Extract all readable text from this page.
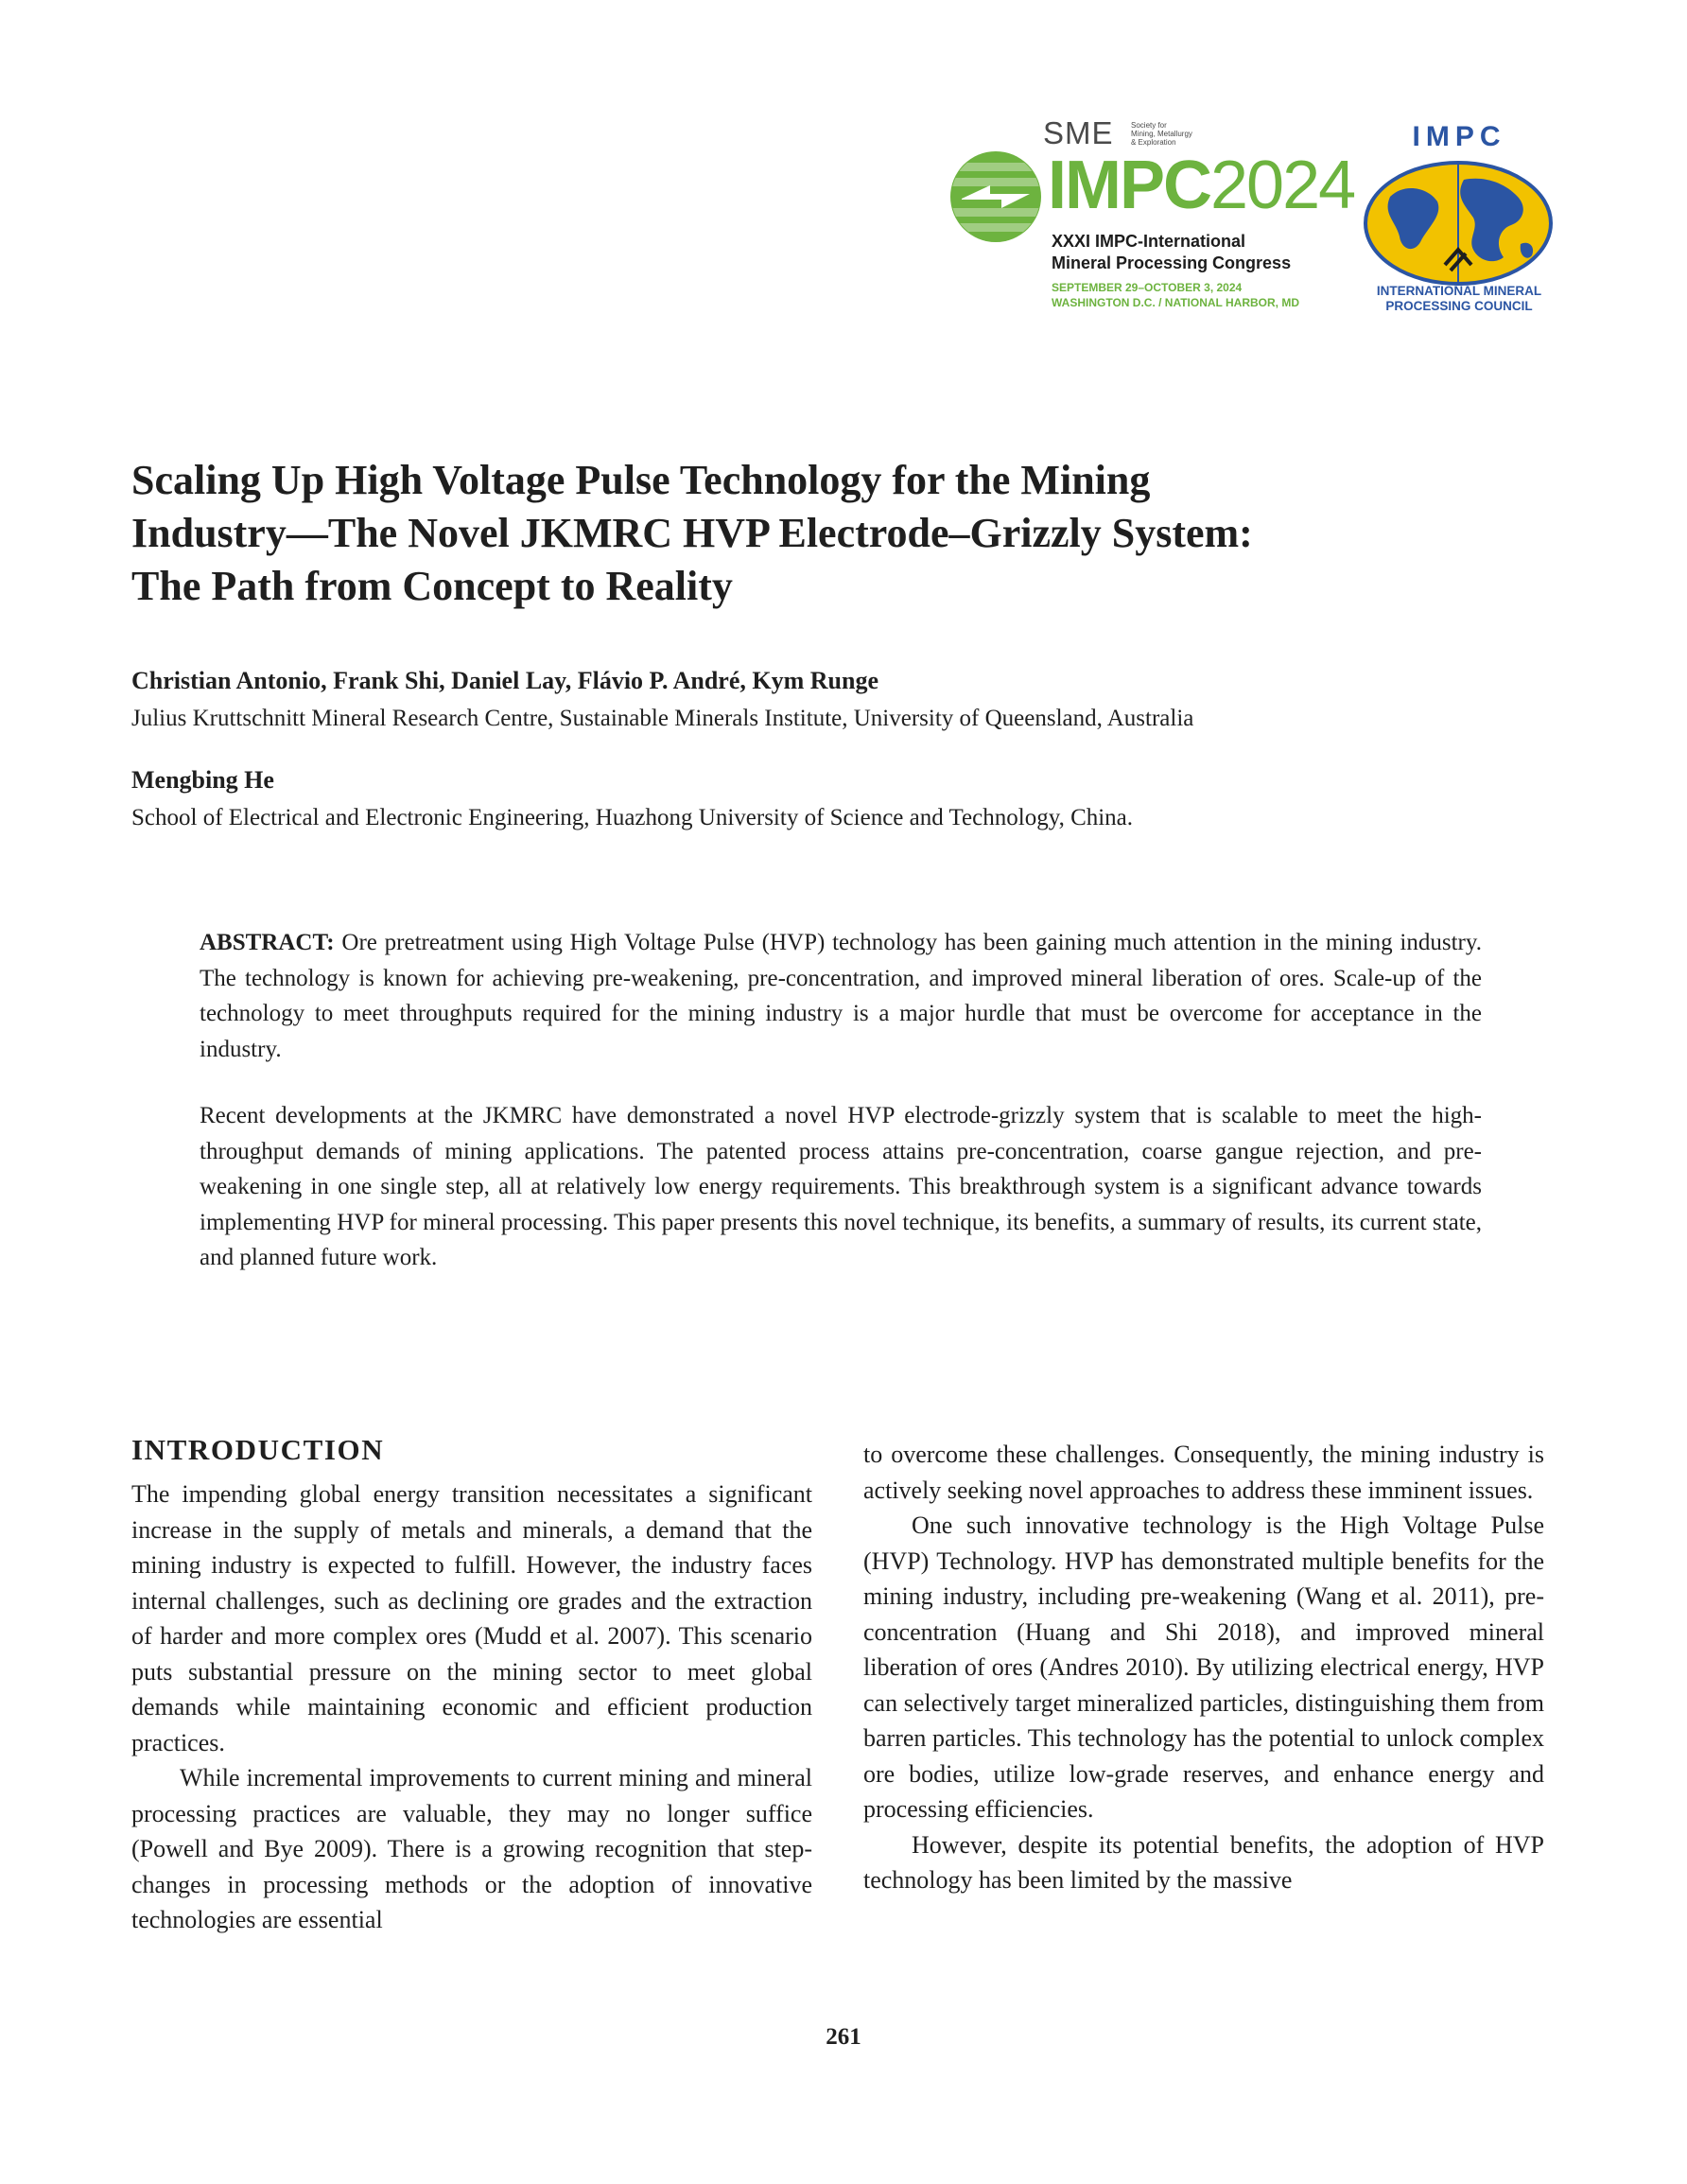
SME Society for
Mining, Metallurgy
& Exploration
IMPC2024
XXXI IMPC-International
Mineral Processing Congress
SEPTEMBER 29–OCTOBER 3, 2024
WASHINGTON D.C. / NATIONAL HARBOR, MD
IMPC
INTERNATIONAL MINERAL
PROCESSING COUNCIL
Scaling Up High Voltage Pulse Technology for the Mining
Industry—The Novel JKMRC HVP Electrode–Grizzly System:
The Path from Concept to Reality
Christian Antonio, Frank Shi, Daniel Lay, Flávio P. André, Kym Runge
Julius Kruttschnitt Mineral Research Centre, Sustainable Minerals Institute, University of Queensland, Australia
Mengbing He
School of Electrical and Electronic Engineering, Huazhong University of Science and Technology, China.
ABSTRACT: Ore pretreatment using High Voltage Pulse (HVP) technology has been gaining much attention in the mining industry. The technology is known for achieving pre-weakening, pre-concentration, and improved mineral liberation of ores. Scale-up of the technology to meet throughputs required for the mining industry is a major hurdle that must be overcome for acceptance in the industry.
Recent developments at the JKMRC have demonstrated a novel HVP electrode-grizzly system that is scalable to meet the high-throughput demands of mining applications. The patented process attains pre-concentration, coarse gangue rejection, and pre-weakening in one single step, all at relatively low energy requirements. This breakthrough system is a significant advance towards implementing HVP for mineral processing. This paper presents this novel technique, its benefits, a summary of results, its current state, and planned future work.
INTRODUCTION

The impending global energy transition necessitates a significant increase in the supply of metals and minerals, a demand that the mining industry is expected to fulfill. However, the industry faces internal challenges, such as declining ore grades and the extraction of harder and more complex ores (Mudd et al. 2007). This scenario puts substantial pressure on the mining sector to meet global demands while maintaining economic and efficient production practices.

While incremental improvements to current mining and mineral processing practices are valuable, they may no longer suffice (Powell and Bye 2009). There is a growing recognition that step-changes in processing methods or the adoption of innovative technologies are essential

to overcome these challenges. Consequently, the mining industry is actively seeking novel approaches to address these imminent issues.

One such innovative technology is the High Voltage Pulse (HVP) Technology. HVP has demonstrated multiple benefits for the mining industry, including pre-weakening (Wang et al. 2011), pre-concentration (Huang and Shi 2018), and improved mineral liberation of ores (Andres 2010). By utilizing electrical energy, HVP can selectively target mineralized particles, distinguishing them from barren particles. This technology has the potential to unlock complex ore bodies, utilize low-grade reserves, and enhance energy and processing efficiencies.

However, despite its potential benefits, the adoption of HVP technology has been limited by the massive

261
